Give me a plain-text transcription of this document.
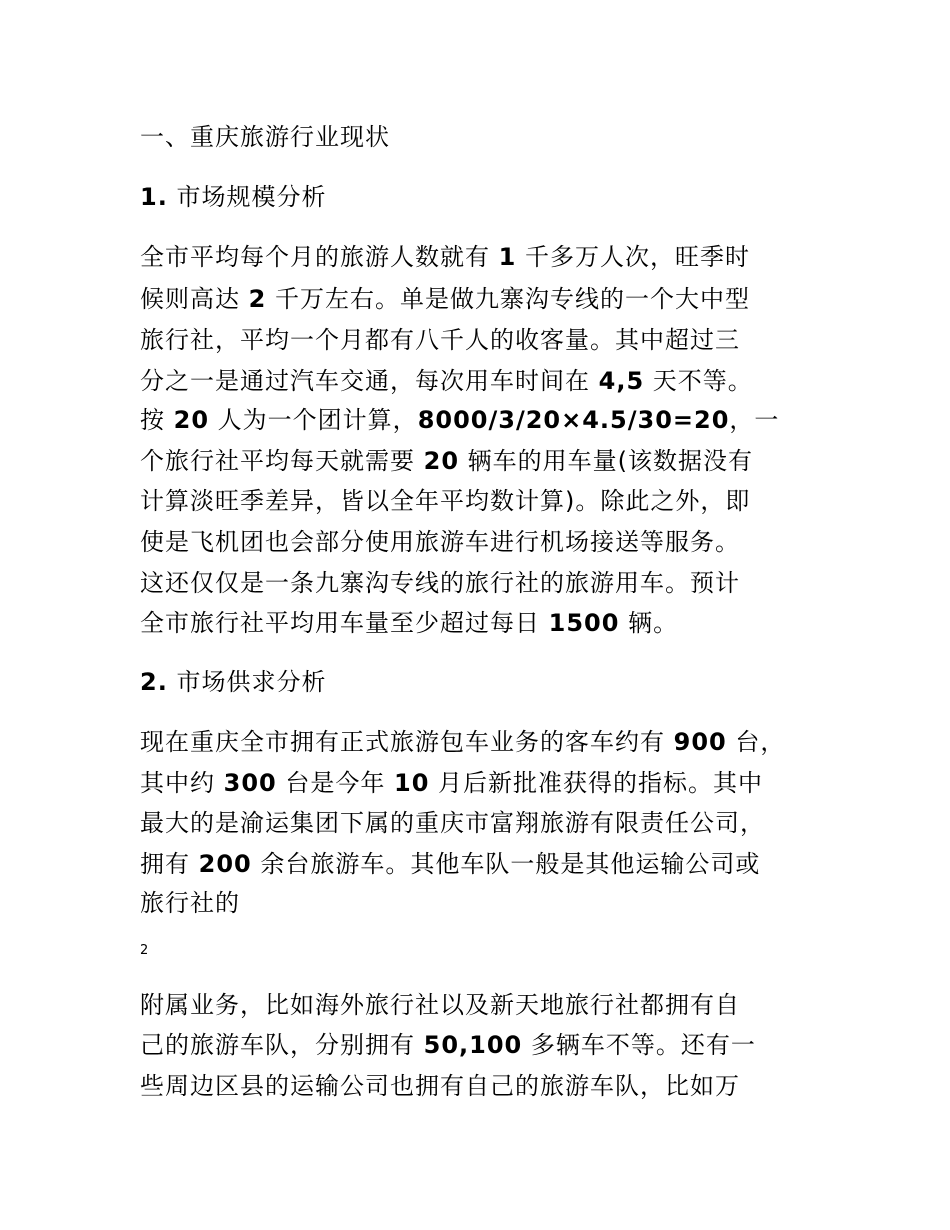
一、重庆旅游行业现状
1. 市场规模分析
全市平均每个月的旅游人数就有 1 千多万人次，旺季时
候则高达 2 千万左右。单是做九寨沟专线的一个大中型
旅行社，平均一个月都有八千人的收客量。其中超过三
分之一是通过汽车交通，每次用车时间在 4,5 天不等。
按 20 人为一个团计算，8000/3/20×4.5/30=20，一
个旅行社平均每天就需要 20 辆车的用车量(该数据没有
计算淡旺季差异，皆以全年平均数计算)。除此之外，即
使是飞机团也会部分使用旅游车进行机场接送等服务。
这还仅仅是一条九寨沟专线的旅行社的旅游用车。预计
全市旅行社平均用车量至少超过每日 1500 辆。
2. 市场供求分析
现在重庆全市拥有正式旅游包车业务的客车约有 900 台，
其中约 300 台是今年 10 月后新批准获得的指标。其中
最大的是渝运集团下属的重庆市富翔旅游有限责任公司，
拥有 200 余台旅游车。其他车队一般是其他运输公司或
旅行社的
2
附属业务，比如海外旅行社以及新天地旅行社都拥有自
己的旅游车队，分别拥有 50,100 多辆车不等。还有一
些周边区县的运输公司也拥有自己的旅游车队，比如万
